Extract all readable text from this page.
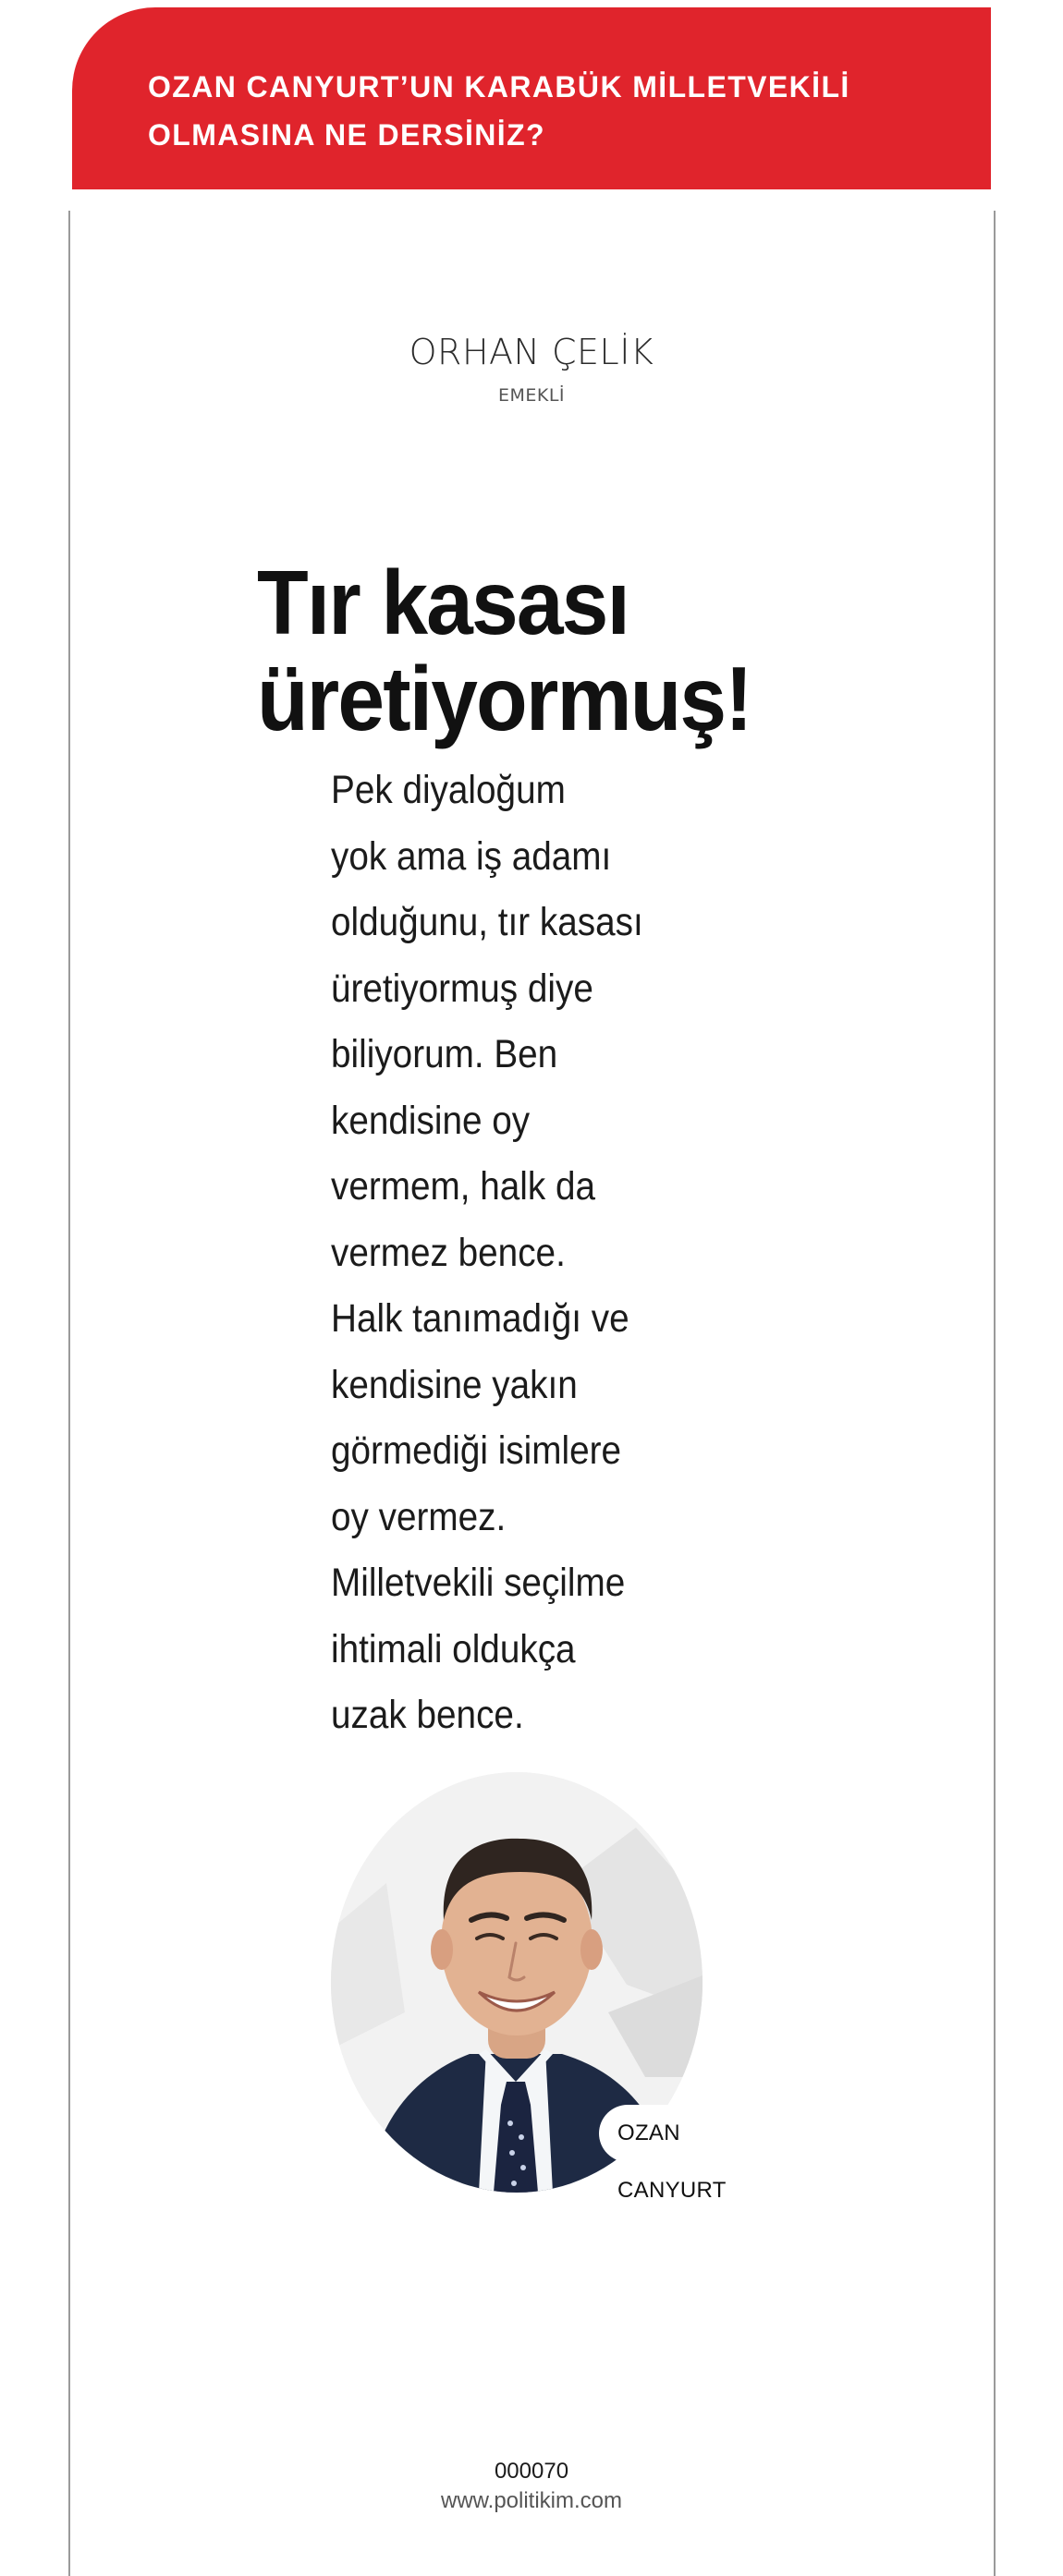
OZAN CANYURT’UN KARABÜK MİLLETVEKİLİ
OLMASINA NE DERSİNİZ?
ORHAN ÇELİK
EMEKLİ
Tır kasası
üretiyormuş!
Pek diyaloğum
yok ama iş adamı
olduğunu, tır kasası
üretiyormuş diye
biliyorum. Ben
kendisine oy
vermem, halk da
vermez bence.
Halk tanımadığı ve
kendisine yakın
görmediği isimlere
oy vermez.
Milletvekili seçilme
ihtimali oldukça
uzak bence.
OZAN CANYURT
000070
www.politikim.com
